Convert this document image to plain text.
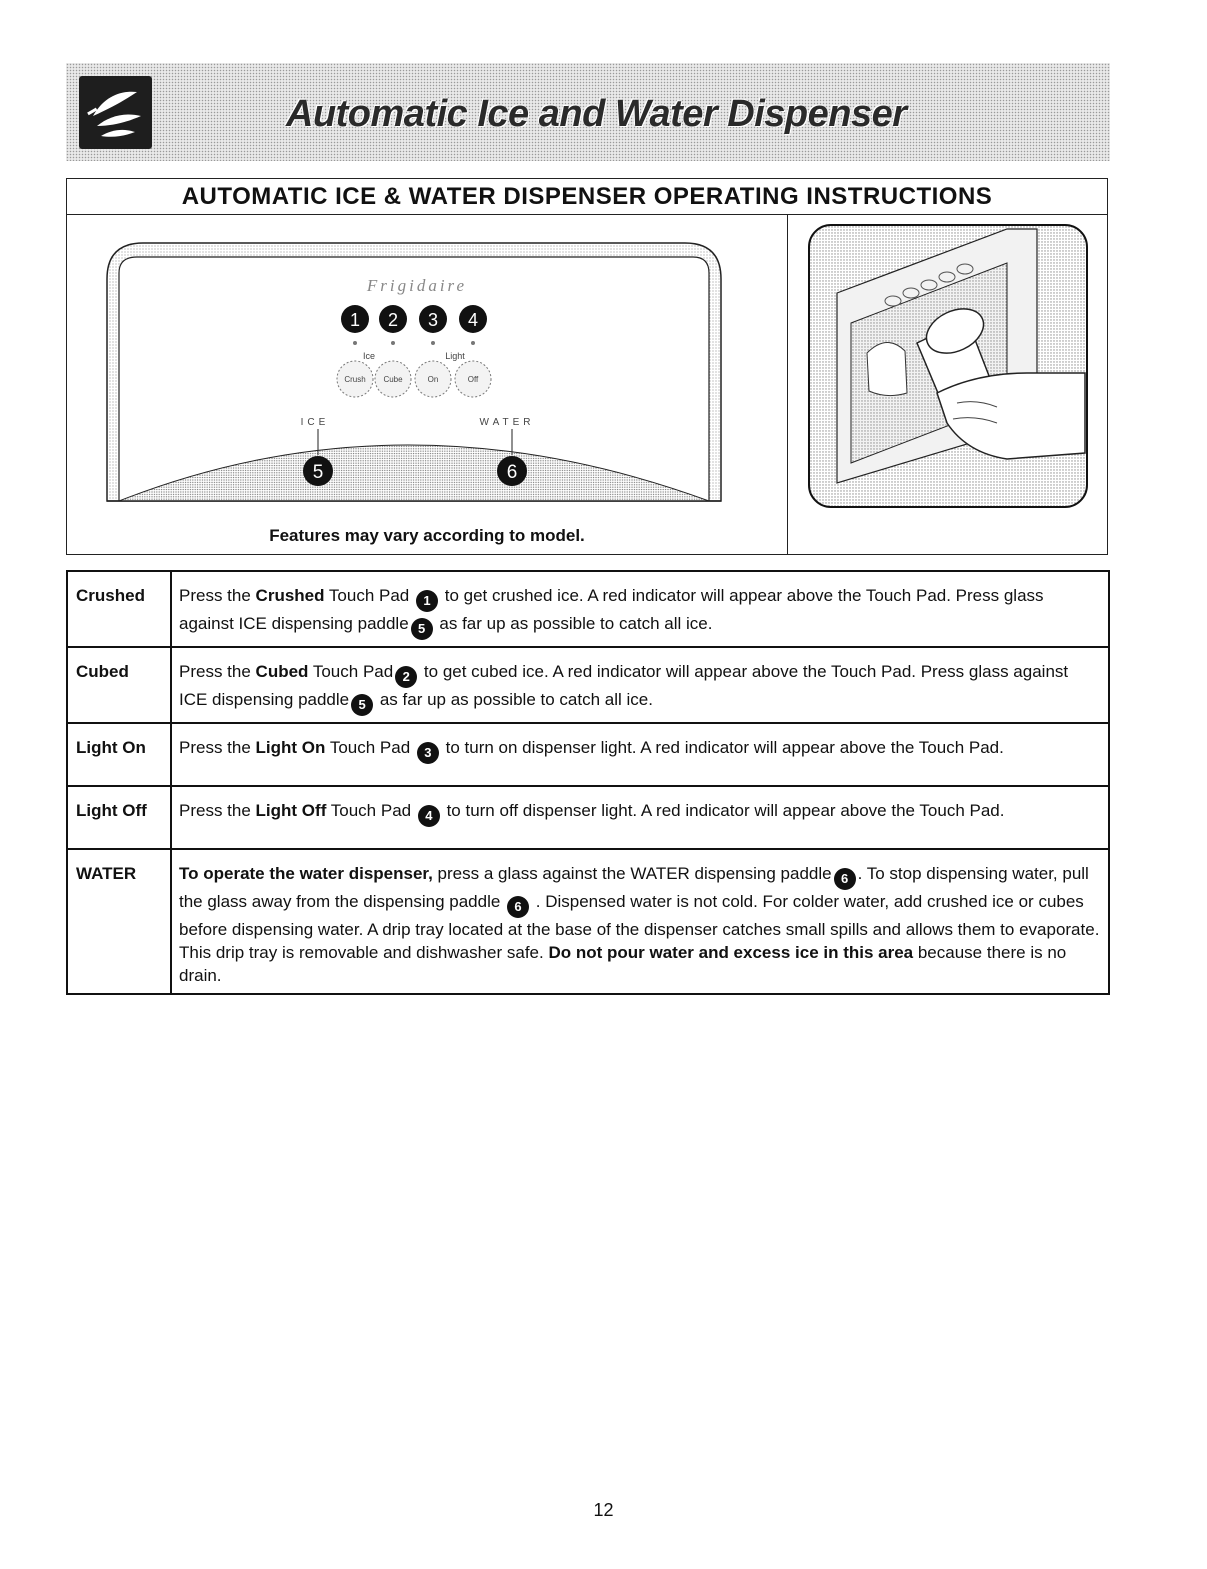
Automatic Ice and Water Dispenser
AUTOMATIC ICE & WATER DISPENSER OPERATING INSTRUCTIONS
Frigidaire
1 2 3 4
Ice	Light
Crush Cube	On	Off
ICE	WATER
5	6
Features may vary according to model.
Crushed	Press the Crushed Touch Pad 1 to get crushed ice. A red indicator will appear above the Touch Pad. Press glass against ICE dispensing paddle 5 as far up as possible to catch all ice.
Cubed	Press the Cubed Touch Pad 2 to get cubed ice. A red indicator will appear above the Touch Pad. Press glass against ICE dispensing paddle 5 as far up as possible to catch all ice.
Light On	Press the Light On Touch Pad 3 to turn on dispenser light. A red indicator will appear above the Touch Pad.
Light Off	Press the Light Off Touch Pad 4 to turn off dispenser light. A red indicator will appear above the Touch Pad.
WATER	To operate the water dispenser, press a glass against the WATER dispensing paddle 6 . To stop dispensing water, pull the glass away from the dispensing paddle 6 . Dispensed water is not cold. For colder water, add crushed ice or cubes before dispensing water. A drip tray located at the base of the dispenser catches small spills and allows them to evaporate. This drip tray is removable and dishwasher safe. Do not pour water and excess ice in this area because there is no drain.
12
